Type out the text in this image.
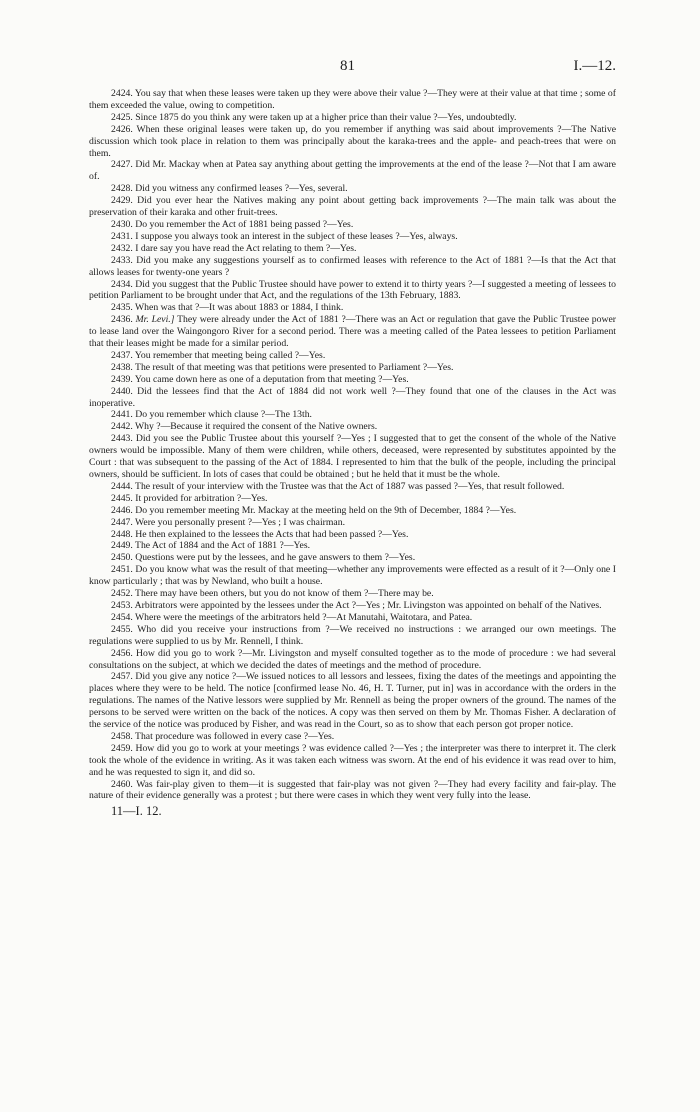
81	I.—12.

2424. You say that when these leases were taken up they were above their value ?—They were at their value at that time ; some of them exceeded the value, owing to competition.

2425. Since 1875 do you think any were taken up at a higher price than their value ?—Yes, undoubtedly.

2426. When these original leases were taken up, do you remember if anything was said about improvements ?—The Native discussion which took place in relation to them was principally about the karaka-trees and the apple- and peach-trees that were on them.

2427. Did Mr. Mackay when at Patea say anything about getting the improvements at the end of the lease ?—Not that I am aware of.

2428. Did you witness any confirmed leases ?—Yes, several.

2429. Did you ever hear the Natives making any point about getting back improvements ?—The main talk was about the preservation of their karaka and other fruit-trees.

2430. Do you remember the Act of 1881 being passed ?—Yes.

2431. I suppose you always took an interest in the subject of these leases ?—Yes, always.

2432. I dare say you have read the Act relating to them ?—Yes.

2433. Did you make any suggestions yourself as to confirmed leases with reference to the Act of 1881 ?—Is that the Act that allows leases for twenty-one years ?

2434. Did you suggest that the Public Trustee should have power to extend it to thirty years ?—I suggested a meeting of lessees to petition Parliament to be brought under that Act, and the regulations of the 13th February, 1883.

2435. When was that ?—It was about 1883 or 1884, I think.

2436. Mr. Levi.] They were already under the Act of 1881 ?—There was an Act or regulation that gave the Public Trustee power to lease land over the Waingongoro River for a second period. There was a meeting called of the Patea lessees to petition Parliament that their leases might be made for a similar period.

2437. You remember that meeting being called ?—Yes.

2438. The result of that meeting was that petitions were presented to Parliament ?—Yes.

2439. You came down here as one of a deputation from that meeting ?—Yes.

2440. Did the lessees find that the Act of 1884 did not work well ?—They found that one of the clauses in the Act was inoperative.

2441. Do you remember which clause ?—The 13th.

2442. Why ?—Because it required the consent of the Native owners.

2443. Did you see the Public Trustee about this yourself ?—Yes ; I suggested that to get the consent of the whole of the Native owners would be impossible. Many of them were children, while others, deceased, were represented by substitutes appointed by the Court : that was subsequent to the passing of the Act of 1884. I represented to him that the bulk of the people, including the principal owners, should be sufficient. In lots of cases that could be obtained ; but he held that it must be the whole.

2444. The result of your interview with the Trustee was that the Act of 1887 was passed ?—Yes, that result followed.

2445. It provided for arbitration ?—Yes.

2446. Do you remember meeting Mr. Mackay at the meeting held on the 9th of December, 1884 ?—Yes.

2447. Were you personally present ?—Yes ; I was chairman.

2448. He then explained to the lessees the Acts that had been passed ?—Yes.

2449. The Act of 1884 and the Act of 1881 ?—Yes.

2450. Questions were put by the lessees, and he gave answers to them ?—Yes.

2451. Do you know what was the result of that meeting—whether any improvements were effected as a result of it ?—Only one I know particularly ; that was by Newland, who built a house.

2452. There may have been others, but you do not know of them ?—There may be.

2453. Arbitrators were appointed by the lessees under the Act ?—Yes ; Mr. Livingston was appointed on behalf of the Natives.

2454. Where were the meetings of the arbitrators held ?—At Manutahi, Waitotara, and Patea.

2455. Who did you receive your instructions from ?—We received no instructions : we arranged our own meetings. The regulations were supplied to us by Mr. Rennell, I think.

2456. How did you go to work ?—Mr. Livingston and myself consulted together as to the mode of procedure : we had several consultations on the subject, at which we decided the dates of meetings and the method of procedure.

2457. Did you give any notice ?—We issued notices to all lessors and lessees, fixing the dates of the meetings and appointing the places where they were to be held. The notice [confirmed lease No. 46, H. T. Turner, put in] was in accordance with the orders in the regulations. The names of the Native lessors were supplied by Mr. Rennell as being the proper owners of the ground. The names of the persons to be served were written on the back of the notices. A copy was then served on them by Mr. Thomas Fisher. A declaration of the service of the notice was produced by Fisher, and was read in the Court, so as to show that each person got proper notice.

2458. That procedure was followed in every case ?—Yes.

2459. How did you go to work at your meetings ? was evidence called ?—Yes ; the interpreter was there to interpret it. The clerk took the whole of the evidence in writing. As it was taken each witness was sworn. At the end of his evidence it was read over to him, and he was requested to sign it, and did so.

2460. Was fair-play given to them—it is suggested that fair-play was not given ?—They had every facility and fair-play. The nature of their evidence generally was a protest ; but there were cases in which they went very fully into the lease.

11—I. 12.
